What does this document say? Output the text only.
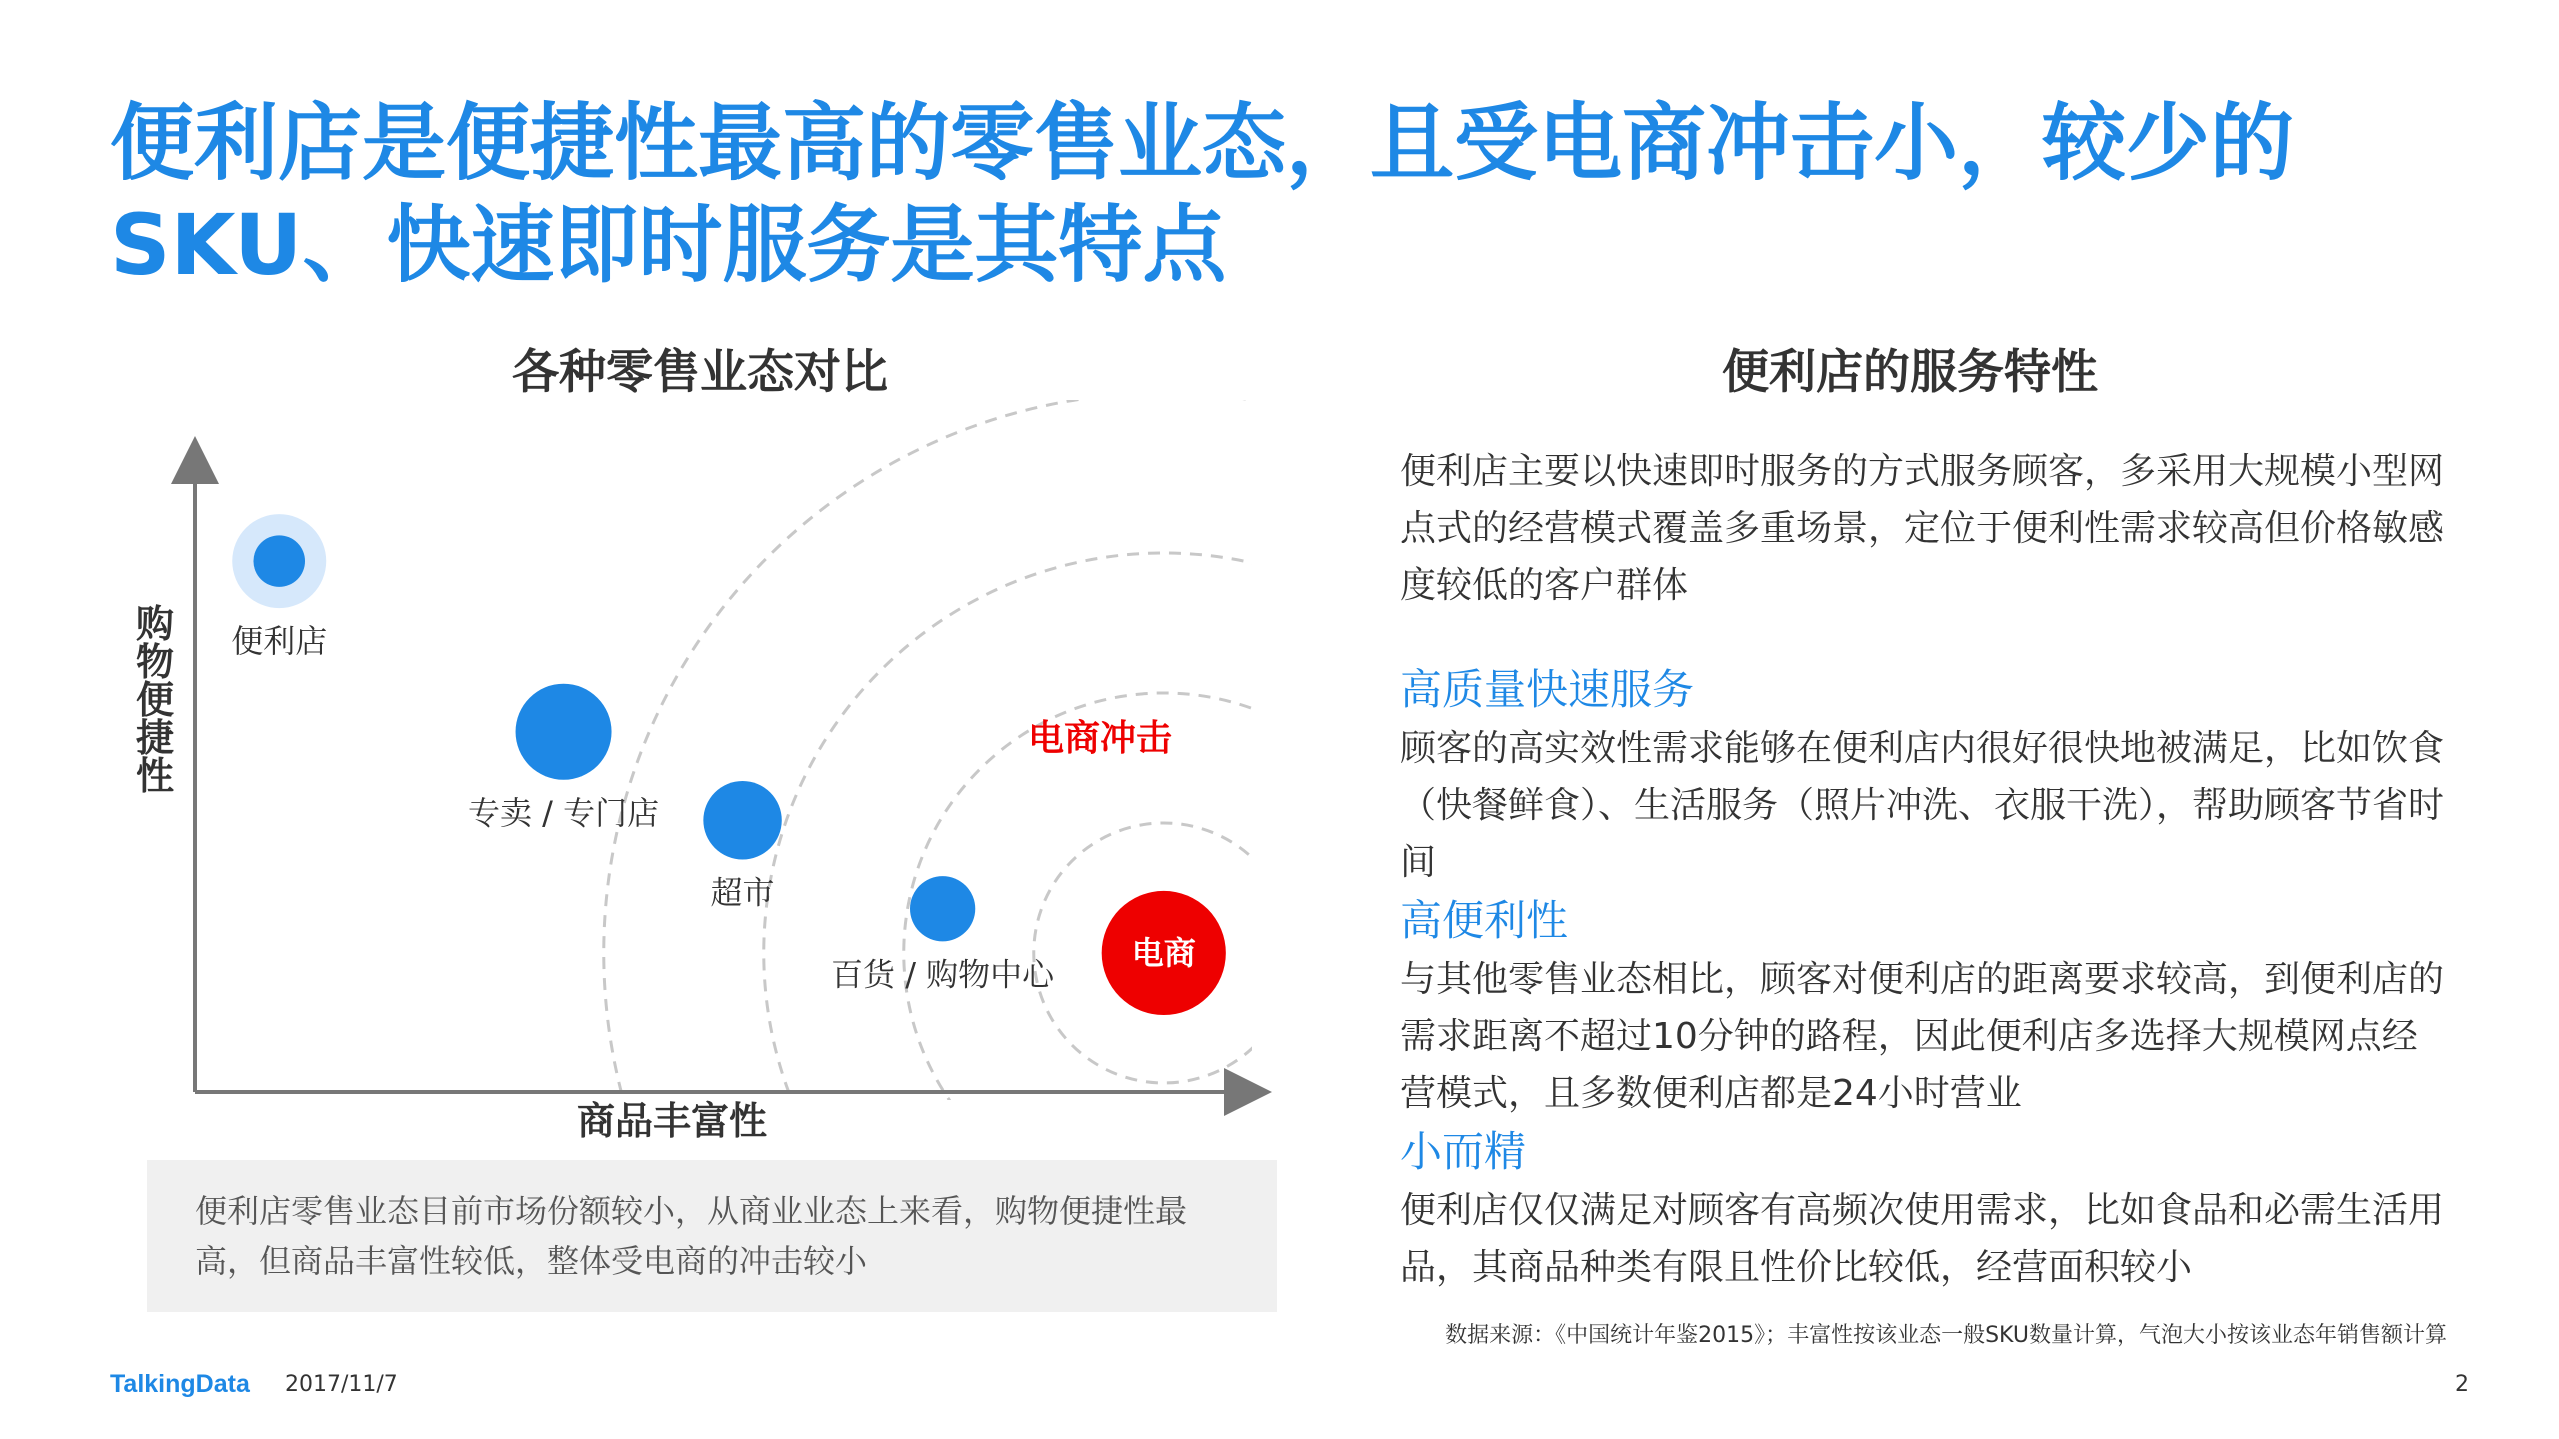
便利店是便捷性最高的零售业态，且受电商冲击小，较少的SKU、快速即时服务是其特点
各种零售业态对比
便利店
专卖 / 专门店
超市
百货 / 购物中心
电商
商品丰富性
购物便捷性
电商冲击
便利店零售业态目前市场份额较小，从商业业态上来看，购物便捷性最高，但商品丰富性较低，整体受电商的冲击较小
便利店的服务特性

便利店主要以快速即时服务的方式服务顾客，多采用大规模小型网点式的经营模式覆盖多重场景，定位于便利性需求较高但价格敏感度较低的客户群体

高质量快速服务

顾客的高实效性需求能够在便利店内很好很快地被满足，比如饮食（快餐鲜食）、生活服务（照片冲洗、衣服干洗），帮助顾客节省时间

高便利性

与其他零售业态相比，顾客对便利店的距离要求较高，到便利店的需求距离不超过10分钟的路程，因此便利店多选择大规模网点经营模式，且多数便利店都是24小时营业

小而精

便利店仅仅满足对顾客有高频次使用需求，比如食品和必需生活用品，其商品种类有限且性价比较低，经营面积较小

数据来源：《中国统计年鉴2015》；丰富性按该业态一般SKU数量计算，气泡大小按该业态年销售额计算
TalkingData 2017/11/7	2
